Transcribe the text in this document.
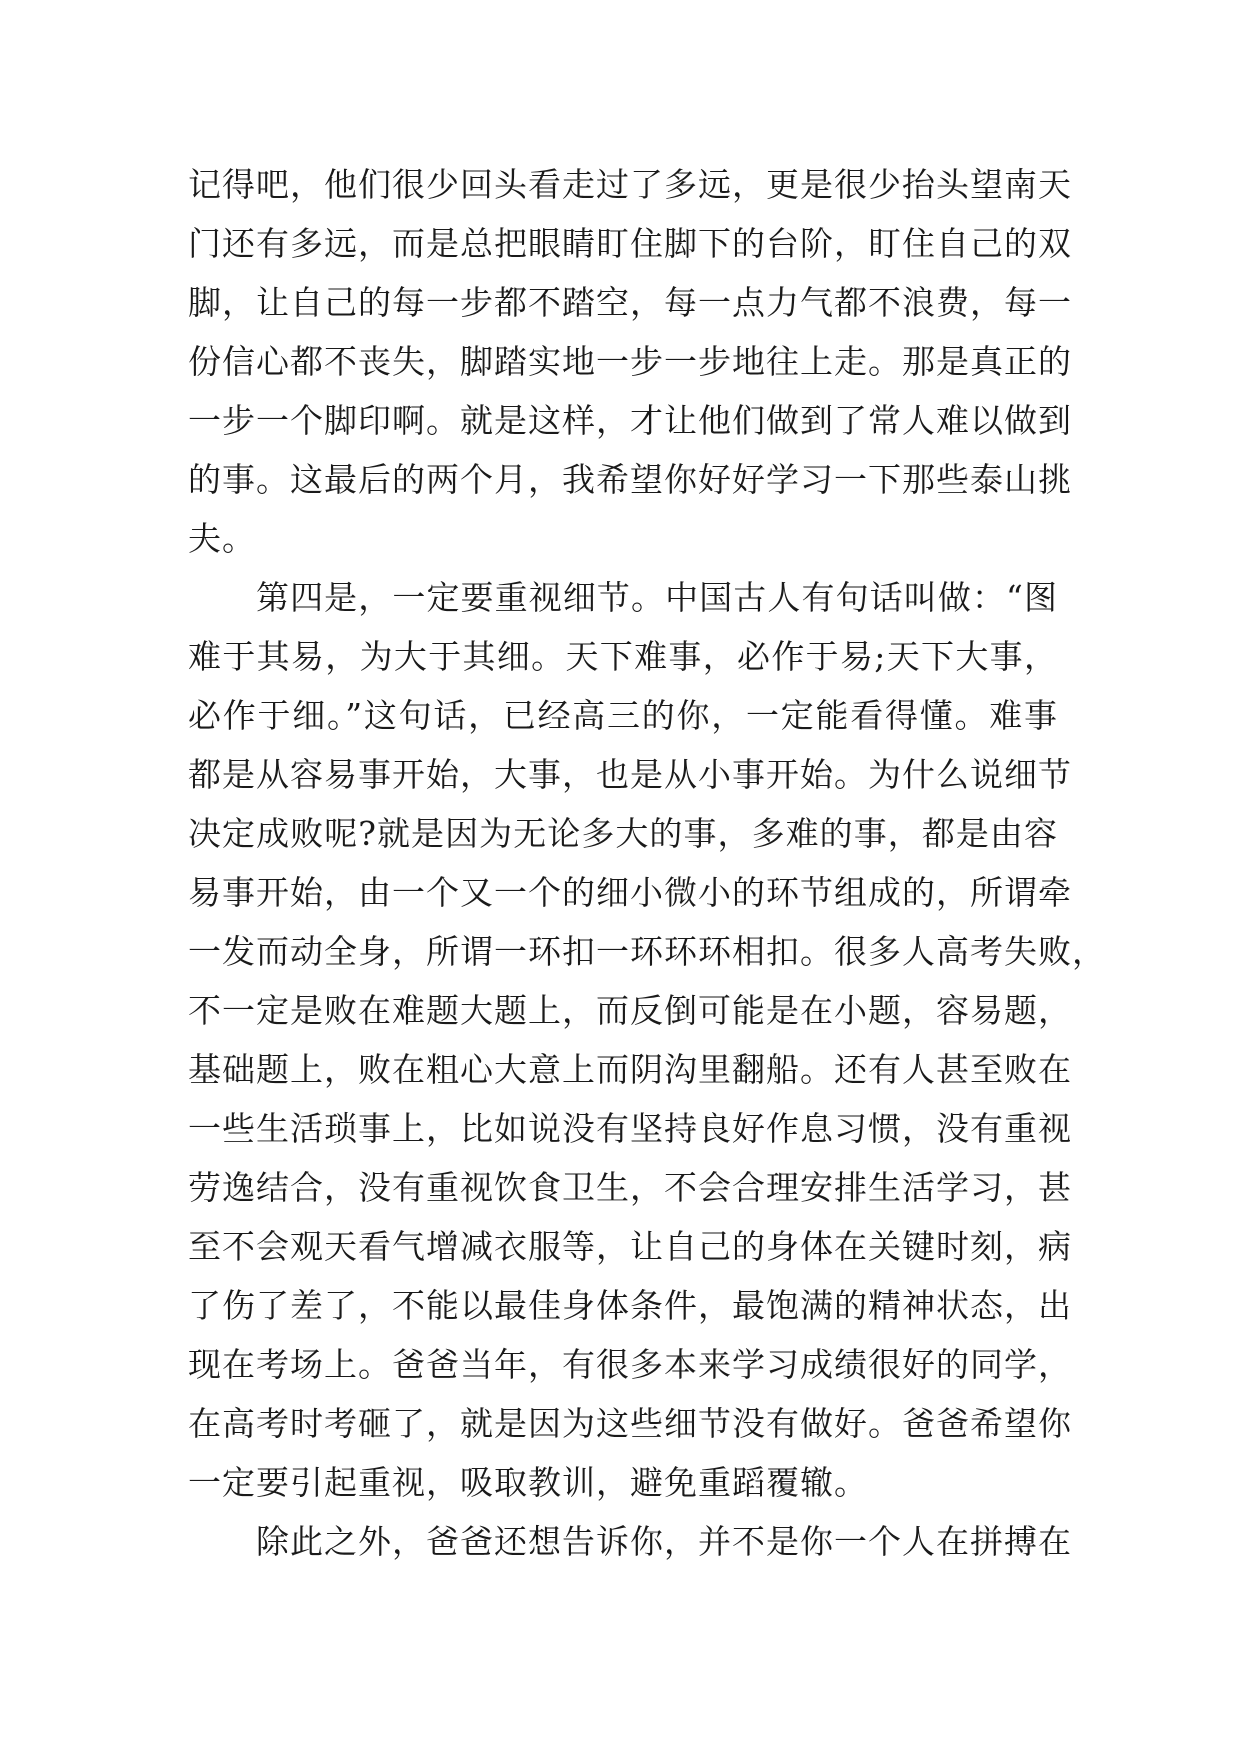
记得吧，他们很少回头看走过了多远，更是很少抬头望南天
门还有多远，而是总把眼睛盯住脚下的台阶，盯住自己的双
脚，让自己的每一步都不踏空，每一点力气都不浪费，每一
份信心都不丧失，脚踏实地一步一步地往上走。那是真正的
一步一个脚印啊。就是这样，才让他们做到了常人难以做到
的事。这最后的两个月，我希望你好好学习一下那些泰山挑
夫。
第四是，一定要重视细节。中国古人有句话叫做：“图
难于其易，为大于其细。天下难事，必作于易;天下大事，
必作于细。”这句话，已经高三的你，一定能看得懂。难事
都是从容易事开始，大事，也是从小事开始。为什么说细节
决定成败呢?就是因为无论多大的事，多难的事，都是由容
易事开始，由一个又一个的细小微小的环节组成的，所谓牵
一发而动全身，所谓一环扣一环环环相扣。很多人高考失败，
不一定是败在难题大题上，而反倒可能是在小题，容易题，
基础题上，败在粗心大意上而阴沟里翻船。还有人甚至败在
一些生活琐事上，比如说没有坚持良好作息习惯，没有重视
劳逸结合，没有重视饮食卫生，不会合理安排生活学习，甚
至不会观天看气增减衣服等，让自己的身体在关键时刻，病
了伤了差了，不能以最佳身体条件，最饱满的精神状态，出
现在考场上。爸爸当年，有很多本来学习成绩很好的同学，
在高考时考砸了，就是因为这些细节没有做好。爸爸希望你
一定要引起重视，吸取教训，避免重蹈覆辙。
除此之外，爸爸还想告诉你，并不是你一个人在拼搏在
